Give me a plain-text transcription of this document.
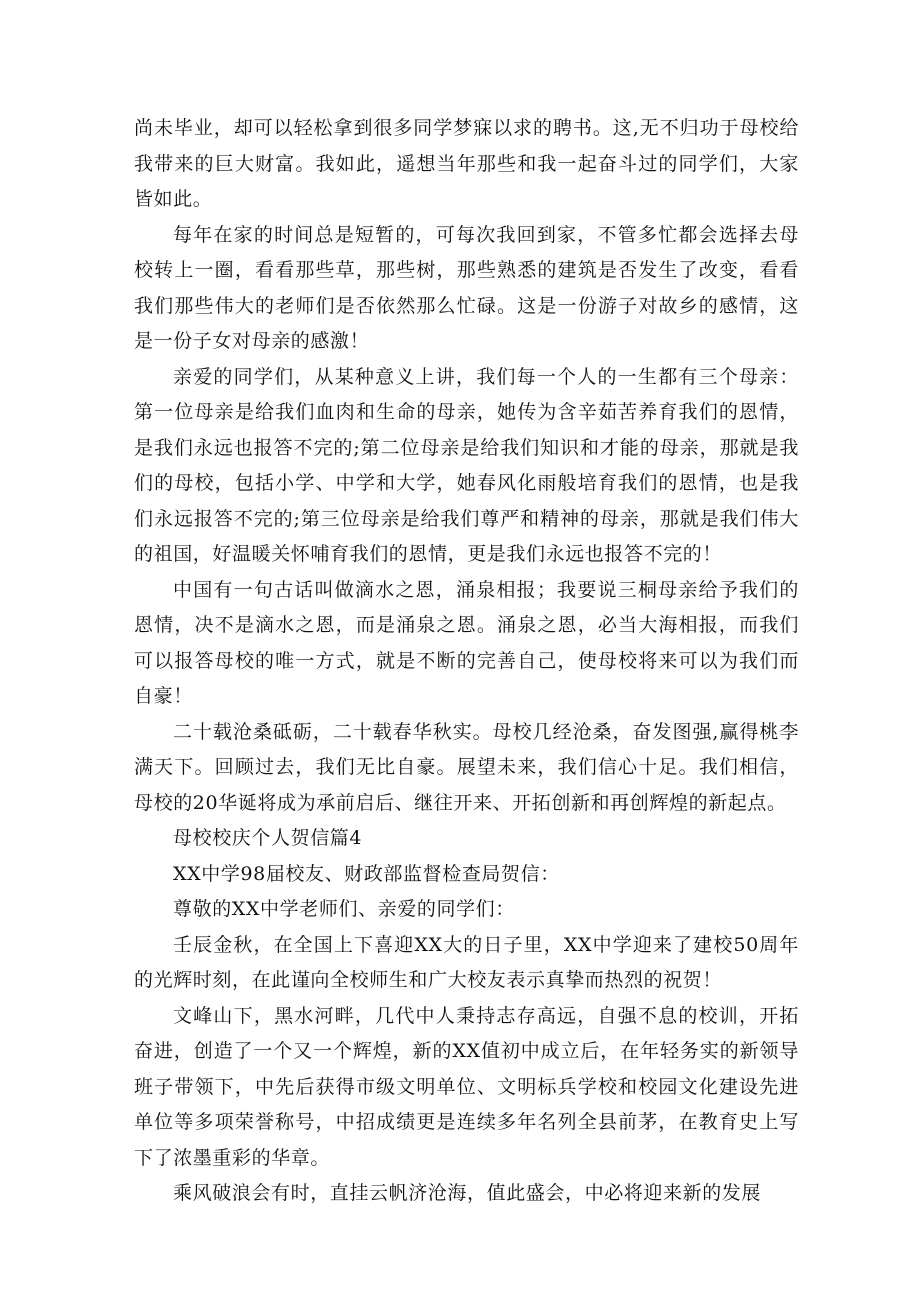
尚未毕业，却可以轻松拿到很多同学梦寐以求的聘书。这,无不归功于母校给我带来的巨大财富。我如此，遥想当年那些和我一起奋斗过的同学们，大家皆如此。

每年在家的时间总是短暂的，可每次我回到家，不管多忙都会选择去母校转上一圈，看看那些草，那些树，那些熟悉的建筑是否发生了改变，看看我们那些伟大的老师们是否依然那么忙碌。这是一份游子对故乡的感情，这是一份子女对母亲的感激！

亲爱的同学们，从某种意义上讲，我们每一个人的一生都有三个母亲：第一位母亲是给我们血肉和生命的母亲，她传为含辛茹苦养育我们的恩情，是我们永远也报答不完的;第二位母亲是给我们知识和才能的母亲，那就是我们的母校，包括小学、中学和大学，她春风化雨般培育我们的恩情，也是我们永远报答不完的;第三位母亲是给我们尊严和精神的母亲，那就是我们伟大的祖国，好温暖关怀哺育我们的恩情，更是我们永远也报答不完的！

中国有一句古话叫做滴水之恩，涌泉相报；我要说三桐母亲给予我们的恩情，决不是滴水之恩，而是涌泉之恩。涌泉之恩，必当大海相报，而我们可以报答母校的唯一方式，就是不断的完善自己，使母校将来可以为我们而自豪！

二十载沧桑砥砺，二十载春华秋实。母校几经沧桑，奋发图强,赢得桃李满天下。回顾过去，我们无比自豪。展望未来，我们信心十足。我们相信，母校的20华诞将成为承前启后、继往开来、开拓创新和再创辉煌的新起点。

母校校庆个人贺信篇4

XX中学98届校友、财政部监督检查局贺信：

尊敬的XX中学老师们、亲爱的同学们：

壬辰金秋，在全国上下喜迎XX大的日子里，XX中学迎来了建校50周年的光辉时刻，在此谨向全校师生和广大校友表示真挚而热烈的祝贺！

文峰山下，黑水河畔，几代中人秉持志存高远，自强不息的校训，开拓奋进，创造了一个又一个辉煌，新的XX值初中成立后，在年轻务实的新领导班子带领下，中先后获得市级文明单位、文明标兵学校和校园文化建设先进单位等多项荣誉称号，中招成绩更是连续多年名列全县前茅，在教育史上写下了浓墨重彩的华章。

乘风破浪会有时，直挂云帆济沧海，值此盛会，中必将迎来新的发展
